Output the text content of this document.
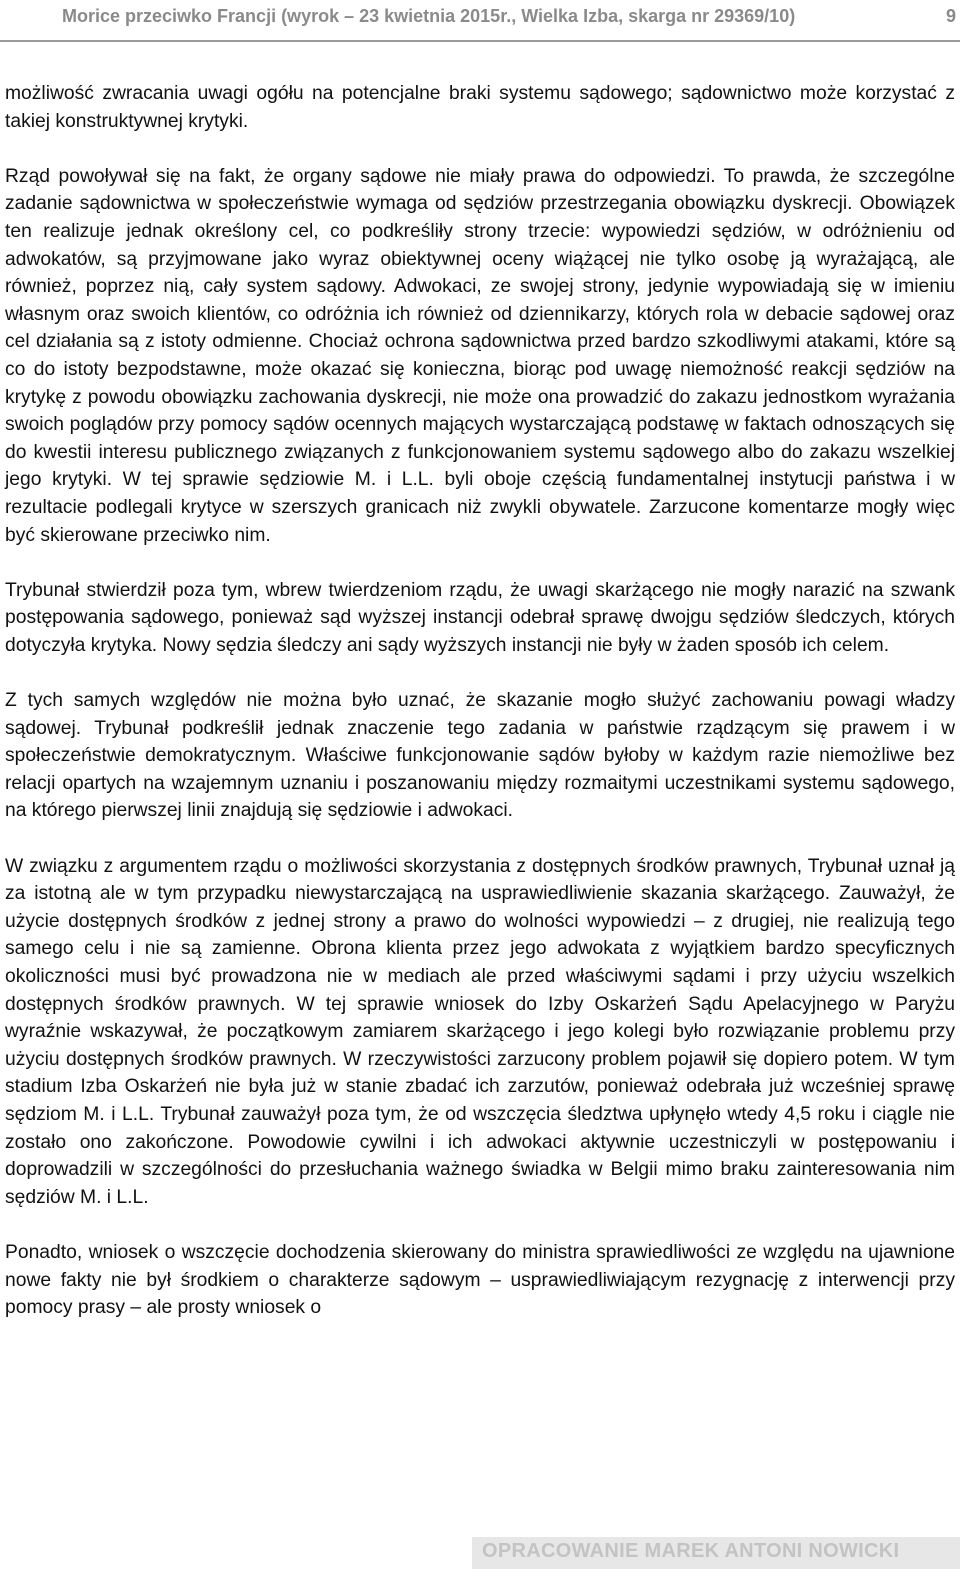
Morice przeciwko Francji (wyrok – 23 kwietnia 2015r., Wielka Izba, skarga nr 29369/10)	9

możliwość zwracania uwagi ogółu na potencjalne braki systemu sądowego; sądownictwo może korzystać z takiej konstruktywnej krytyki.

Rząd powoływał się na fakt, że organy sądowe nie miały prawa do odpowiedzi. To prawda, że szczególne zadanie sądownictwa w społeczeństwie wymaga od sędziów przestrzegania obowiązku dyskrecji. Obowiązek ten realizuje jednak określony cel, co podkreśliły strony trzecie: wypowiedzi sędziów, w odróżnieniu od adwokatów, są przyjmowane jako wyraz obiektywnej oceny wiążącej nie tylko osobę ją wyrażającą, ale również, poprzez nią, cały system sądowy. Adwokaci, ze swojej strony, jedynie wypowiadają się w imieniu własnym oraz swoich klientów, co odróżnia ich również od dziennikarzy, których rola w debacie sądowej oraz cel działania są z istoty odmienne. Chociaż ochrona sądownictwa przed bardzo szkodliwymi atakami, które są co do istoty bezpodstawne, może okazać się konieczna, biorąc pod uwagę niemożność reakcji sędziów na krytykę z powodu obowiązku zachowania dyskrecji, nie może ona prowadzić do zakazu jednostkom wyrażania swoich poglądów przy pomocy sądów ocennych mających wystarczającą podstawę w faktach odnoszących się do kwestii interesu publicznego związanych z funkcjonowaniem systemu sądowego albo do zakazu wszelkiej jego krytyki. W tej sprawie sędziowie M. i L.L. byli oboje częścią fundamentalnej instytucji państwa i w rezultacie podlegali krytyce w szerszych granicach niż zwykli obywatele. Zarzucone komentarze mogły więc być skierowane przeciwko nim.

Trybunał stwierdził poza tym, wbrew twierdzeniom rządu, że uwagi skarżącego nie mogły narazić na szwank postępowania sądowego, ponieważ sąd wyższej instancji odebrał sprawę dwojgu sędziów śledczych, których dotyczyła krytyka. Nowy sędzia śledczy ani sądy wyższych instancji nie były w żaden sposób ich celem.

Z tych samych względów nie można było uznać, że skazanie mogło służyć zachowaniu powagi władzy sądowej. Trybunał podkreślił jednak znaczenie tego zadania w państwie rządzącym się prawem i w społeczeństwie demokratycznym. Właściwe funkcjonowanie sądów byłoby w każdym razie niemożliwe bez relacji opartych na wzajemnym uznaniu i poszanowaniu między rozmaitymi uczestnikami systemu sądowego, na którego pierwszej linii znajdują się sędziowie i adwokaci.

W związku z argumentem rządu o możliwości skorzystania z dostępnych środków prawnych, Trybunał uznał ją za istotną ale w tym przypadku niewystarczającą na usprawiedliwienie skazania skarżącego. Zauważył, że użycie dostępnych środków z jednej strony a prawo do wolności wypowiedzi – z drugiej, nie realizują tego samego celu i nie są zamienne. Obrona klienta przez jego adwokata z wyjątkiem bardzo specyficznych okoliczności musi być prowadzona nie w mediach ale przed właściwymi sądami i przy użyciu wszelkich dostępnych środków prawnych. W tej sprawie wniosek do Izby Oskarżeń Sądu Apelacyjnego w Paryżu wyraźnie wskazywał, że początkowym zamiarem skarżącego i jego kolegi było rozwiązanie problemu przy użyciu dostępnych środków prawnych. W rzeczywistości zarzucony problem pojawił się dopiero potem. W tym stadium Izba Oskarżeń nie była już w stanie zbadać ich zarzutów, ponieważ odebrała już wcześniej sprawę sędziom M. i L.L. Trybunał zauważył poza tym, że od wszczęcia śledztwa upłynęło wtedy 4,5 roku i ciągle nie zostało ono zakończone. Powodowie cywilni i ich adwokaci aktywnie uczestniczyli w postępowaniu i doprowadzili w szczególności do przesłuchania ważnego świadka w Belgii mimo braku zainteresowania nim sędziów M. i L.L.

Ponadto, wniosek o wszczęcie dochodzenia skierowany do ministra sprawiedliwości ze względu na ujawnione nowe fakty nie był środkiem o charakterze sądowym – usprawiedliwiającym rezygnację z interwencji przy pomocy prasy – ale prosty wniosek o

OPRACOWANIE MAREK ANTONI NOWICKI
